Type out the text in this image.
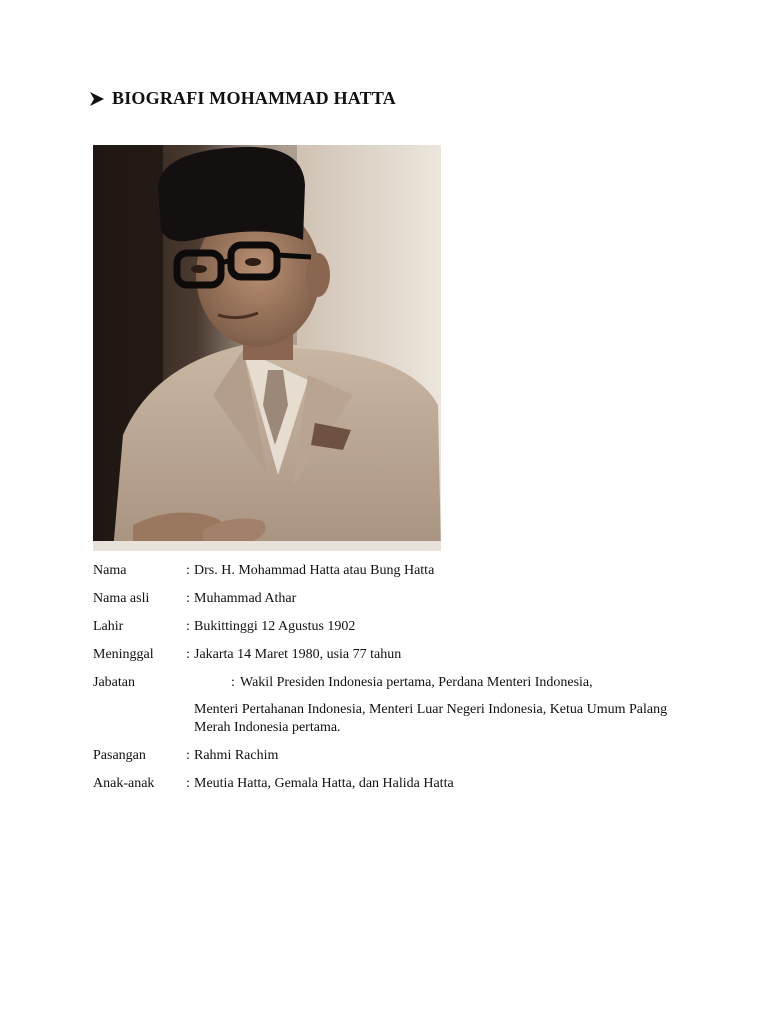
BIOGRAFI MOHAMMAD HATTA
Nama	: Drs. H. Mohammad Hatta atau Bung Hatta
Nama asli	: Muhammad Athar
Lahir	: Bukittinggi 12 Agustus 1902
Meninggal : Jakarta 14 Maret 1980, usia 77 tahun
Jabatan	: Wakil Presiden Indonesia pertama, Perdana Menteri Indonesia,
Menteri Pertahanan Indonesia, Menteri Luar Negeri Indonesia, Ketua Umum Palang Merah Indonesia pertama.
Pasangan	: Rahmi Rachim
Anak-anak : Meutia Hatta, Gemala Hatta, dan Halida Hatta
